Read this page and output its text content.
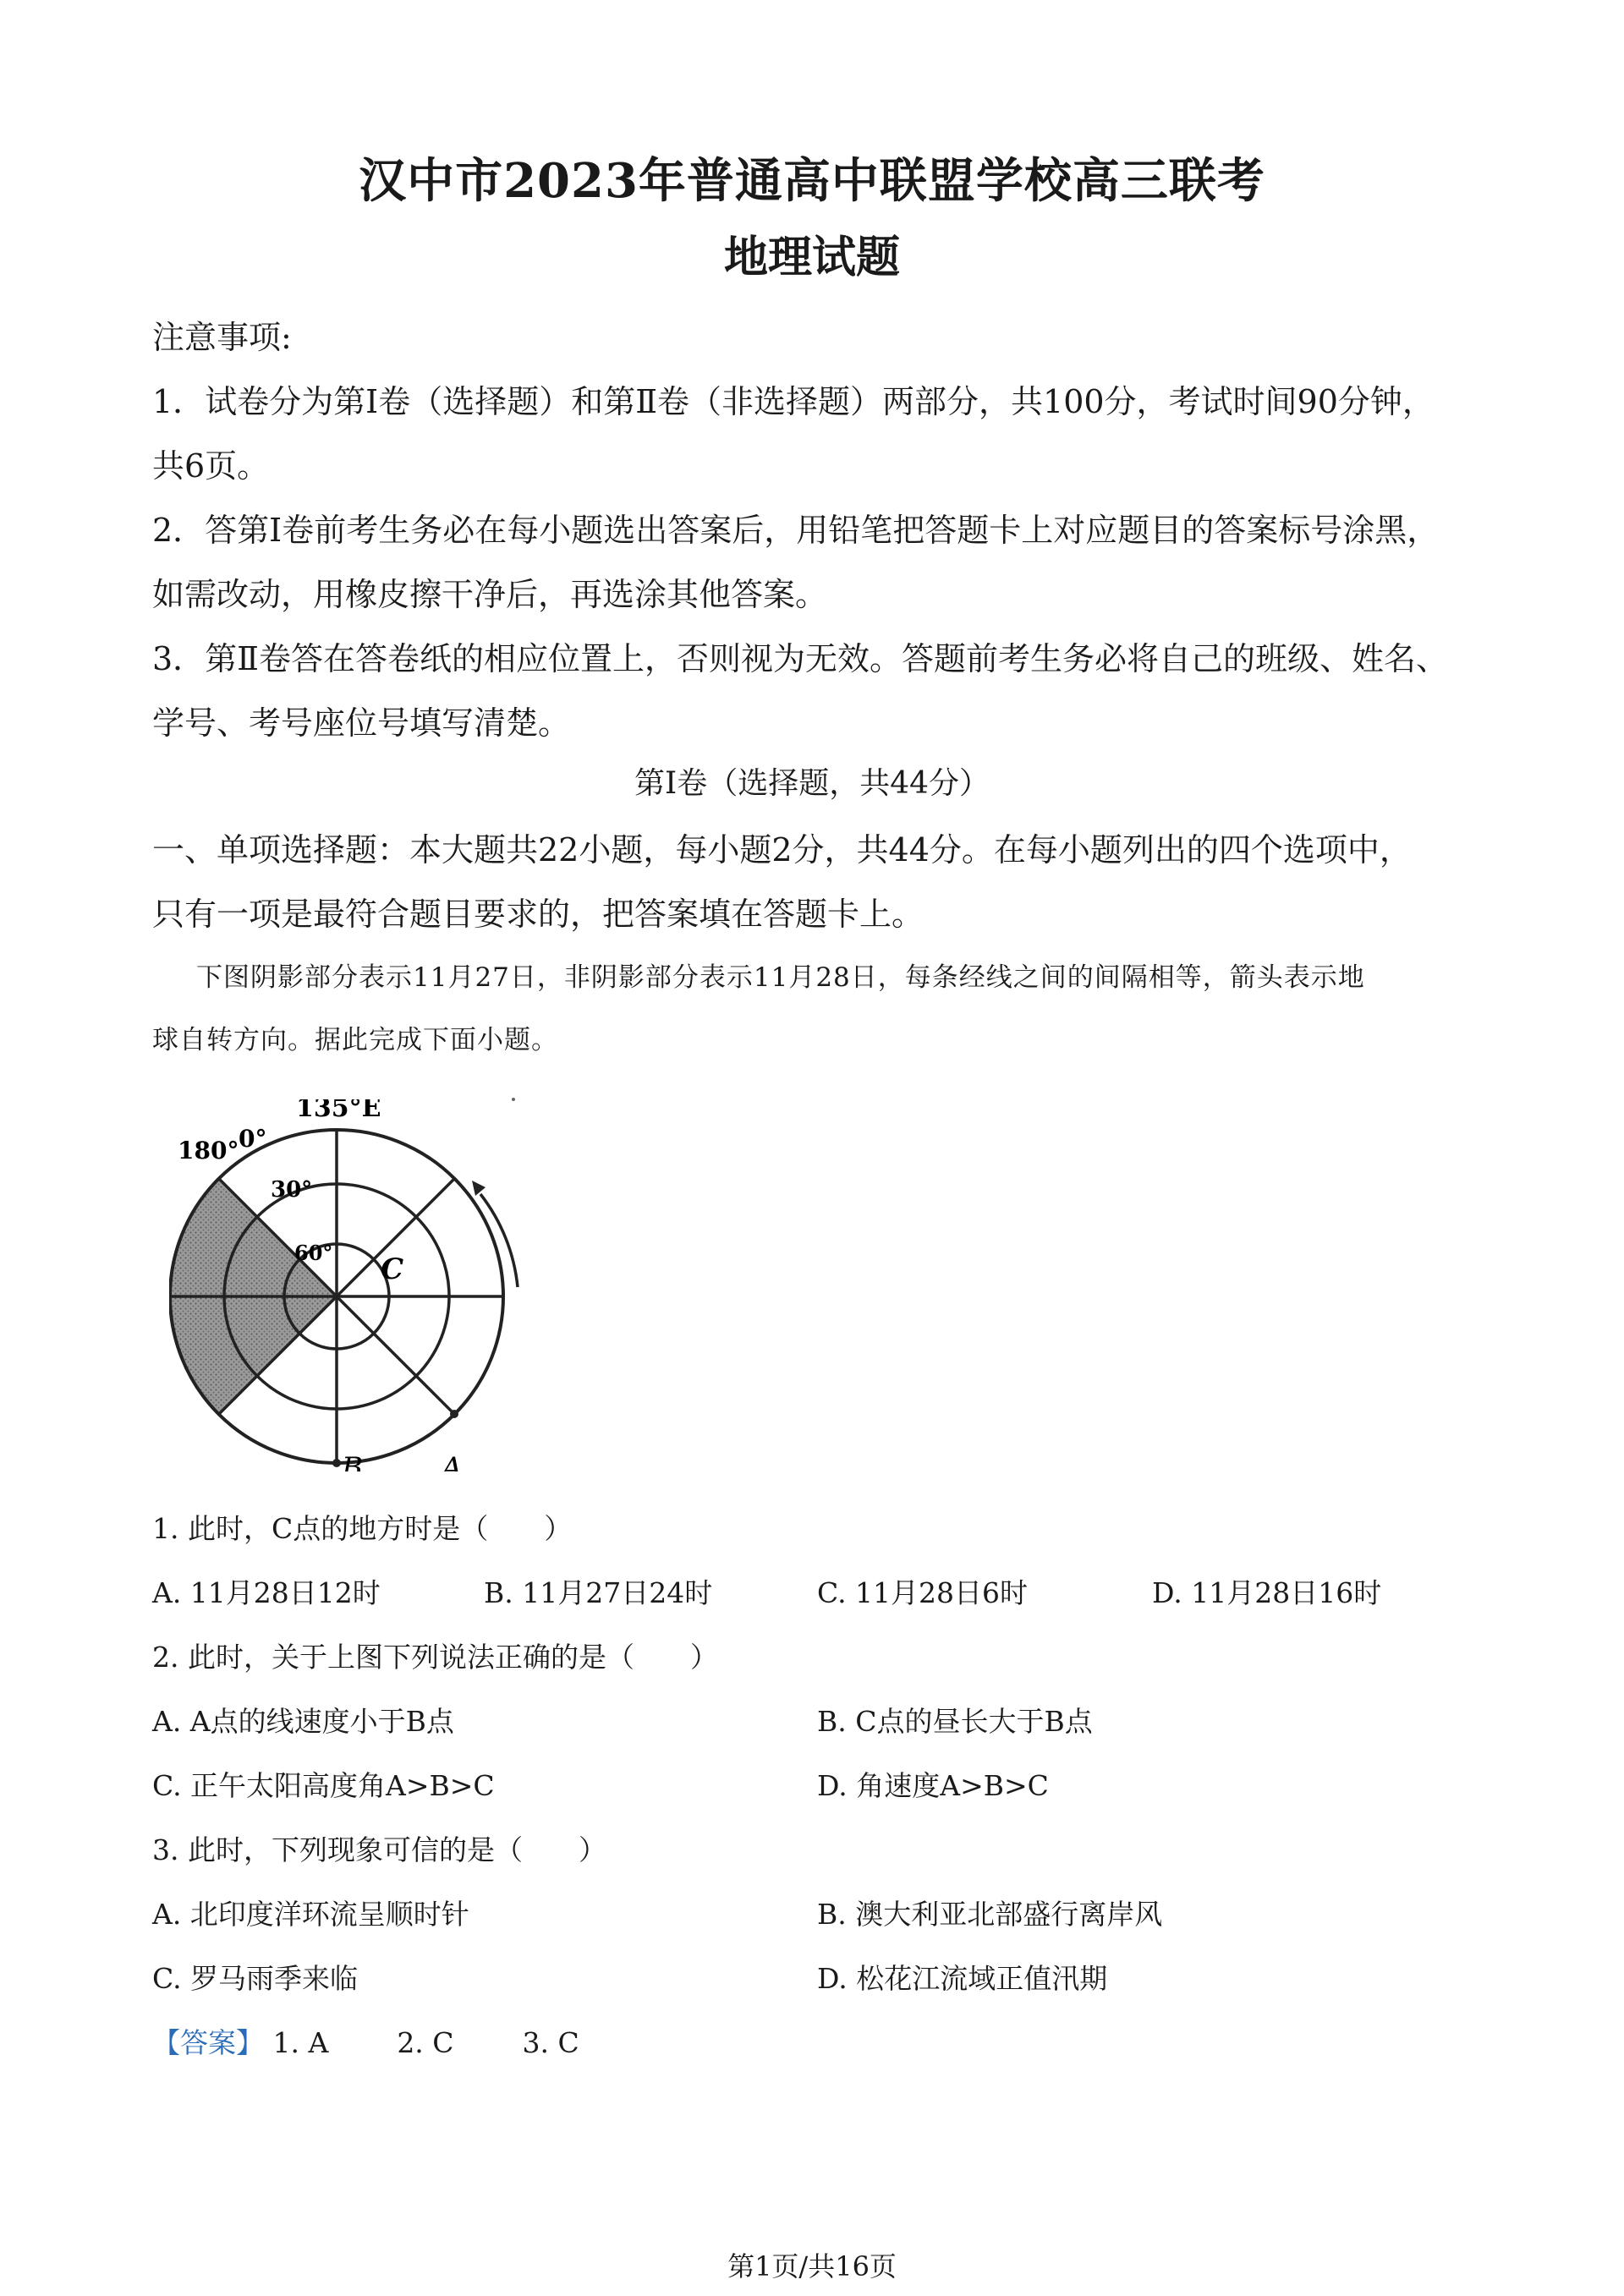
汉中市2023年普通高中联盟学校高三联考
地理试题
注意事项:
1．试卷分为第Ⅰ卷（选择题）和第Ⅱ卷（非选择题）两部分，共100分，考试时间90分钟，
共6页。
2．答第Ⅰ卷前考生务必在每小题选出答案后，用铅笔把答题卡上对应题目的答案标号涂黑，
如需改动，用橡皮擦干净后，再选涂其他答案。
3．第Ⅱ卷答在答卷纸的相应位置上，否则视为无效。答题前考生务必将自己的班级、姓名、
学号、考号座位号填写清楚。
第Ⅰ卷（选择题，共44分）
一、单项选择题：本大题共22小题，每小题2分，共44分。在每小题列出的四个选项中，
只有一项是最符合题目要求的，把答案填在答题卡上。
下图阴影部分表示11月27日，非阴影部分表示11月28日，每条经线之间的间隔相等，箭头表示地
球自转方向。据此完成下面小题。
135°E
180° 0°
30°
60° C
B	A
1. 此时，C点的地方时是（　　）
A. 11月28日12时	B. 11月27日24时	C. 11月28日6时	D. 11月28日16时
2. 此时，关于上图下列说法正确的是（　　）
A. A点的线速度小于B点	B. C点的昼长大于B点
C. 正午太阳高度角A>B>C	D. 角速度A>B>C
3. 此时，下列现象可信的是（　　）
A. 北印度洋环流呈顺时针	B. 澳大利亚北部盛行离岸风
C. 罗马雨季来临	D. 松花江流域正值汛期
【答案】 1. A 2. C 3. C
第1页/共16页
